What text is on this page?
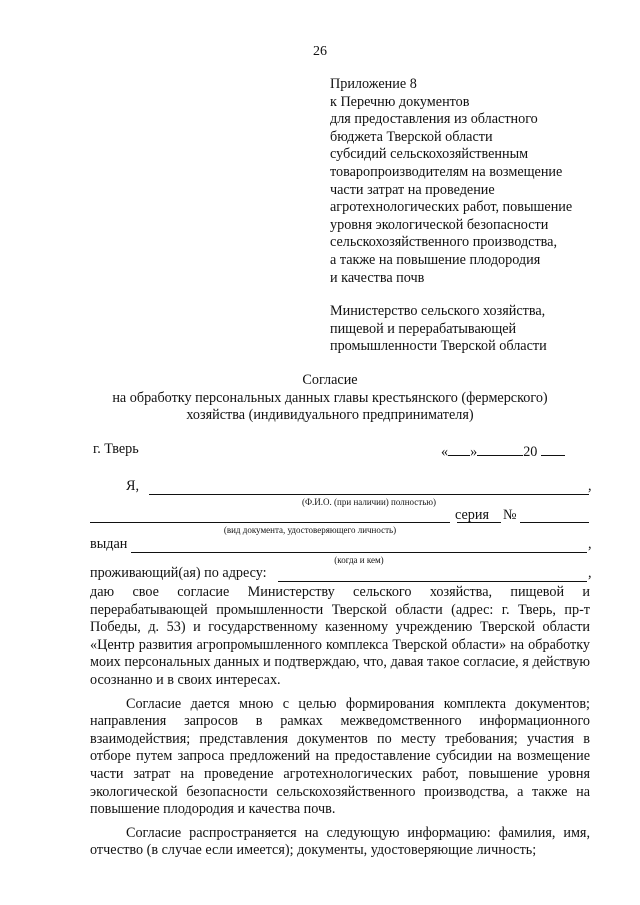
26
Приложение 8
к Перечню документов
для предоставления из областного
бюджета Тверской области
субсидий сельскохозяйственным
товаропроизводителям на возмещение
части затрат на проведение
агротехнологических работ, повышение
уровня экологической безопасности
сельскохозяйственного производства,
а также на повышение плодородия
и качества почв
Министерство сельского хозяйства,
пищевой и перерабатывающей
промышленности Тверской области
Согласие
на обработку персональных данных главы крестьянского (фермерского)
хозяйства (индивидуального предпринимателя)
г. Тверь	« »	20
Я,	,
(Ф.И.О. (при наличии) полностью)
серия №
(вид документа, удостоверяющего личность)
выдан	,
(когда и кем)
проживающий(ая) по адресу:	,

даю свое согласие Министерству сельского хозяйства, пищевой и перерабатывающей промышленности Тверской области (адрес: г. Тверь, пр-т Победы, д. 53) и государственному казенному учреждению Тверской области «Центр развития агропромышленного комплекса Тверской области» на обработку моих персональных данных и подтверждаю, что, давая такое согласие, я действую осознанно и в своих интересах.

Согласие дается мною с целью формирования комплекта документов; направления запросов в рамках межведомственного информационного взаимодействия; представления документов по месту требования; участия в отборе путем запроса предложений на предоставление субсидии на возмещение части затрат на проведение агротехнологических работ, повышение уровня экологической безопасности сельскохозяйственного производства, а также на повышение плодородия и качества почв.

Согласие распространяется на следующую информацию: фамилия, имя, отчество (в случае если имеется); документы, удостоверяющие личность;
